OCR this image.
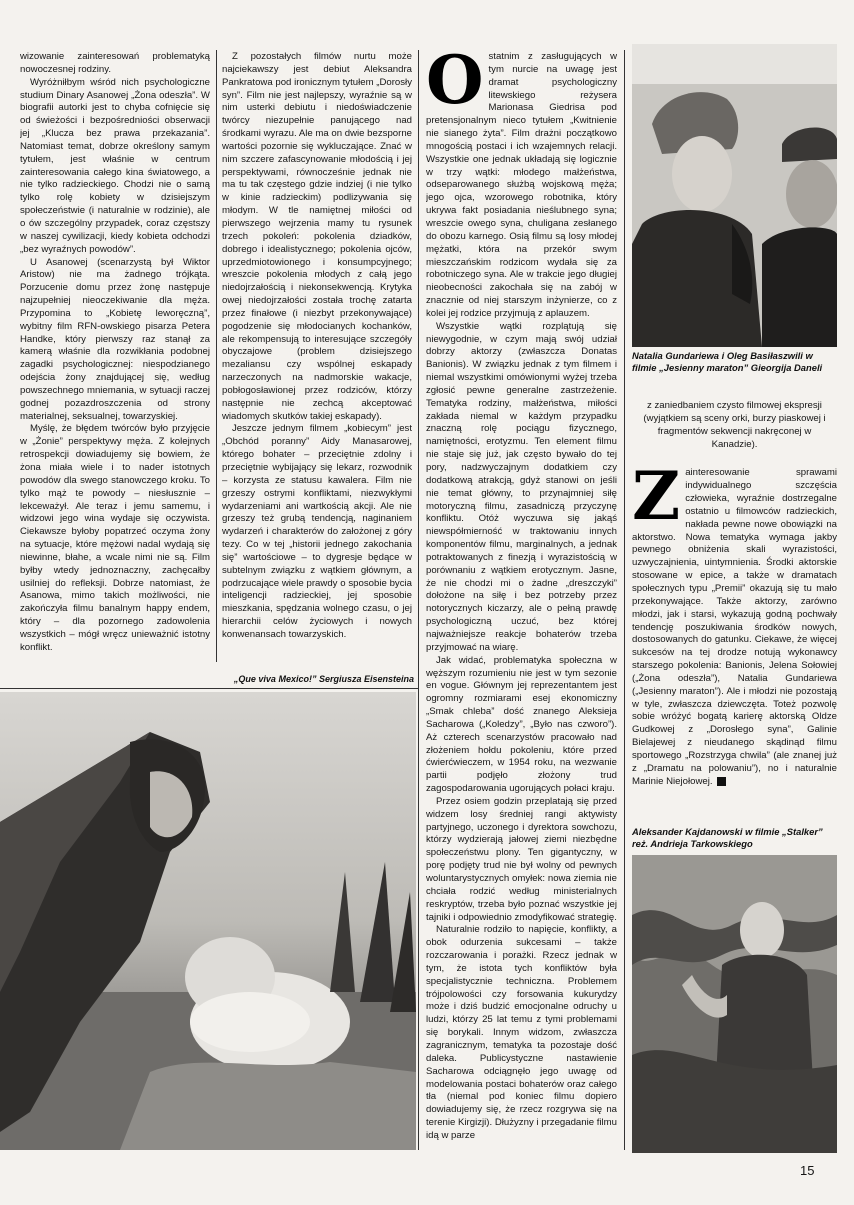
wizowanie zainteresowań problematyką nowoczesnej rodziny.

Wyróżniłbym wśród nich psychologiczne studium Dinary Asanowej „Żona odeszła”. W biografii autorki jest to chyba cofnięcie się od świeżości i bezpośredniości obserwacji jej „Klucza bez prawa przekazania”. Natomiast temat, dobrze określony samym tytułem, jest właśnie w centrum zainteresowania całego kina światowego, a nie tylko radzieckiego. Chodzi nie o samą tylko rolę kobiety w dzisiejszym społeczeństwie (i naturalnie w rodzinie), ale o ów szczególny przypadek, coraz częstszy w naszej cywilizacji, kiedy kobieta odchodzi „bez wyraźnych powodów”.

U Asanowej (scenarzystą był Wiktor Aristow) nie ma żadnego trójkąta. Porzucenie domu przez żonę następuje najzupełniej nieoczekiwanie dla męża. Przypomina to „Kobietę leworęczną”, wybitny film RFN-owskiego pisarza Petera Handke, który pierwszy raz stanął za kamerą właśnie dla rozwikłania podobnej zagadki psychologicznej: niespodzianego odejścia żony znajdującej się, według powszechnego mniemania, w sytuacji raczej godnej pozazdroszczenia od strony materialnej, seksualnej, towarzyskiej.

Myślę, że błędem twórców było przyjęcie w „Żonie” perspektywy męża. Z kolejnych retrospekcji dowiadujemy się bowiem, że żona miała wiele i to nader istotnych powodów dla swego stanowczego kroku. To tylko mąż te powody – niesłusznie – lekceważył. Ale teraz i jemu samemu, i widzowi jego wina wydaje się oczywista. Ciekawsze byłoby popatrzeć oczyma żony na sytuacje, które mężowi nadal wydają się niewinne, błahe, a wcale nimi nie są. Film byłby wtedy jednoznaczny, zachęcałby usilniej do refleksji. Dobrze natomiast, że Asanowa, mimo takich możliwości, nie zakończyła filmu banalnym happy endem, który – dla pozornego zadowolenia wszystkich – mógł wręcz unieważnić istotny konflikt.

Z pozostałych filmów nurtu może najciekawszy jest debiut Aleksandra Pankratowa pod ironicznym tytułem „Dorosły syn”. Film nie jest najlepszy, wyraźnie są w nim usterki debiutu i niedoświadczenie twórcy niezupełnie panującego nad środkami wyrazu. Ale ma on dwie bezsporne wartości pozornie się wykluczające. Znać w nim szczere zafascynowanie młodością i jej perspektywami, równocześnie jednak nie ma tu tak częstego gdzie indziej (i nie tylko w kinie radzieckim) podlizywania się młodym. W tle namiętnej miłości od pierwszego wejrzenia mamy tu rysunek trzech pokoleń: pokolenia dziadków, dobrego i idealistycznego; pokolenia ojców, uprzedmiotowionego i konsumpcyjnego; wreszcie pokolenia młodych z całą jego niedojrzałością i niekonsekwencją. Krytyka owej niedojrzałości została trochę zatarta przez finałowe (i niezbyt przekonywające) pogodzenie się młodocianych kochanków, ale rekompensują to interesujące szczegóły obyczajowe (problem dzisiejszego mezaliansu czy wspólnej eskapady narzeczonych na nadmorskie wakacje, pobłogosławionej przez rodziców, którzy następnie nie zechcą akceptować wiadomych skutków takiej eskapady).

Jeszcze jednym filmem „kobiecym” jest „Obchód poranny” Aidy Manasarowej, którego bohater – przeciętnie zdolny i przeciętnie wybijający się lekarz, rozwodnik – korzysta ze statusu kawalera. Film nie grzeszy ostrymi konfliktami, niezwykłymi wydarzeniami ani wartkością akcji. Ale nie grzeszy też grubą tendencją, naginaniem wydarzeń i charakterów do założonej z góry tezy. Co w tej „historii jednego zakochania się” wartościowe – to dygresje będące w subtelnym związku z wątkiem głównym, a podrzucające wiele prawdy o sposobie bycia inteligencji radzieckiej, jej sposobie mieszkania, spędzania wolnego czasu, o jej hierarchii celów życiowych i nowych konwenansach towarzyskich.

„Que viva Mexico!” Sergiusza Eisensteina

Ostatnim z zasługujących w tym nurcie na uwagę jest dramat psychologiczny litewskiego reżysera Marionasa Giedrisa pod pretensjonalnym nieco tytułem „Kwitnienie nie sianego żyta”. Film drażni początkowo mnogością postaci i ich wzajemnych relacji. Wszystkie one jednak układają się logicznie w trzy wątki: młodego małżeństwa, odseparowanego służbą wojskową męża; jego ojca, wzorowego robotnika, który ukrywa fakt posiadania nieślubnego syna; wreszcie owego syna, chuligana zesłanego do obozu karnego. Osią filmu są losy młodej mężatki, która na przekór swym mieszczańskim rodzicom wydała się za robotniczego syna. Ale w trakcie jego długiej nieobecności zakochała się na zabój w znacznie od niej starszym inżynierze, co z kolei jej rodzice przyjmują z aplauzem.

Wszystkie wątki rozplątują się niewygodnie, w czym mają swój udział dobrzy aktorzy (zwłaszcza Donatas Banionis). W związku jednak z tym filmem i niemal wszystkimi omówionymi wyżej trzeba zgłosić pewne generalne zastrzeżenie. Tematyka rodziny, małżeństwa, miłości zakłada niemal w każdym przypadku znaczną rolę pociągu fizycznego, namiętności, erotyzmu. Ten element filmu nie staje się już, jak często bywało do tej pory, nadzwyczajnym dodatkiem czy dodatkową atrakcją, gdyż stanowi on jeśli nie temat główny, to przynajmniej siłę motoryczną filmu, zasadniczą przyczynę konfliktu. Otóż wyczuwa się jakąś niewspółmierność w traktowaniu innych komponentów filmu, marginalnych, a jednak potraktowanych z finezją i wyrazistością w porównaniu z wątkiem erotycznym. Jasne, że nie chodzi mi o żadne „dreszczyki” dołożone na siłę i bez potrzeby przez notorycznych kiczarzy, ale o pełną prawdę psychologiczną uczuć, bez której najważniejsze reakcje bohaterów trzeba przyjmować na wiarę.

Jak widać, problematyka społeczna w węższym rozumieniu nie jest w tym sezonie en vogue. Głównym jej reprezentantem jest ogromny rozmiarami esej ekonomiczny „Smak chleba” dość znanego Aleksieja Sacharowa („Koledzy”, „Było nas czworo”). Aż czterech scenarzystów pracowało nad złożeniem hołdu pokoleniu, które przed ćwierćwieczem, w 1954 roku, na wezwanie partii podjęło złożony trud zagospodarowania ugorujących połaci kraju.

Przez osiem godzin przeplatają się przed widzem losy średniej rangi aktywisty partyjnego, uczonego i dyrektora sowchozu, którzy wydzierają jałowej ziemi niezbędne społeczeństwu plony. Ten gigantyczny, w porę podjęty trud nie był wolny od pewnych woluntarystycznych omyłek: nowa ziemia nie chciała rodzić według ministerialnych reskryptów, trzeba było poznać wszystkie jej tajniki i odpowiednio zmodyfikować strategię.

Naturalnie rodziło to napięcie, konflikty, a obok odurzenia sukcesami – także rozczarowania i porażki. Rzecz jednak w tym, że istota tych konfliktów była specjalistycznie techniczna. Problemem trójpolowości czy forsowania kukurydzy może i dziś budzić emocjonalne odruchy u ludzi, którzy 25 lat temu z tymi problemami się borykali. Innym widzom, zwłaszcza zagranicznym, tematyka ta pozostaje dość daleka. Publicystyczne nastawienie Sacharowa odciągnęło jego uwagę od modelowania postaci bohaterów oraz całego tła (niemal pod koniec filmu dopiero dowiadujemy się, że rzecz rozgrywa się na terenie Kirgizji). Dłużyzny i przegadanie filmu idą w parze

Natalia Gundariewa i Oleg Basiłaszwili w filmie „Jesienny maraton” Gieorgija Daneli

z zaniedbaniem czysto filmowej ekspresji (wyjątkiem są sceny orki, burzy piaskowej i fragmentów sekwencji nakręconej w Kanadzie).

Zainteresowanie sprawami indywidualnego szczęścia człowieka, wyraźnie dostrzegalne ostatnio u filmowców radzieckich, nakłada pewne nowe obowiązki na aktorstwo. Nowa tematyka wymaga jakby pewnego obniżenia skali wyrazistości, uzwyczajnienia, uintymnienia. Środki aktorskie stosowane w epice, a także w dramatach społecznych typu „Premii” okazują się tu mało przekonywające. Także aktorzy, zarówno młodzi, jak i starsi, wykazują godną pochwały tendencję poszukiwania środków nowych, dostosowanych do gatunku. Ciekawe, że więcej sukcesów na tej drodze notują wykonawcy starszego pokolenia: Banionis, Jelena Sołowiej („Żona odeszła”), Natalia Gundariewa („Jesienny maraton”). Ale i młodzi nie pozostają w tyle, zwłaszcza dziewczęta. Toteż pozwolę sobie wróżyć bogatą karierę aktorską Oldze Gudkowej z „Dorosłego syna”, Galinie Bielajewej z nieudanego skądinąd filmu sportowego „Rozstrzyga chwila” (ale znanej już z „Dramatu na polowaniu”), no i naturalnie Marinie Niejołowej.

Aleksander Kajdanowski w filmie „Stalker” reż. Andrieja Tarkowskiego
15
